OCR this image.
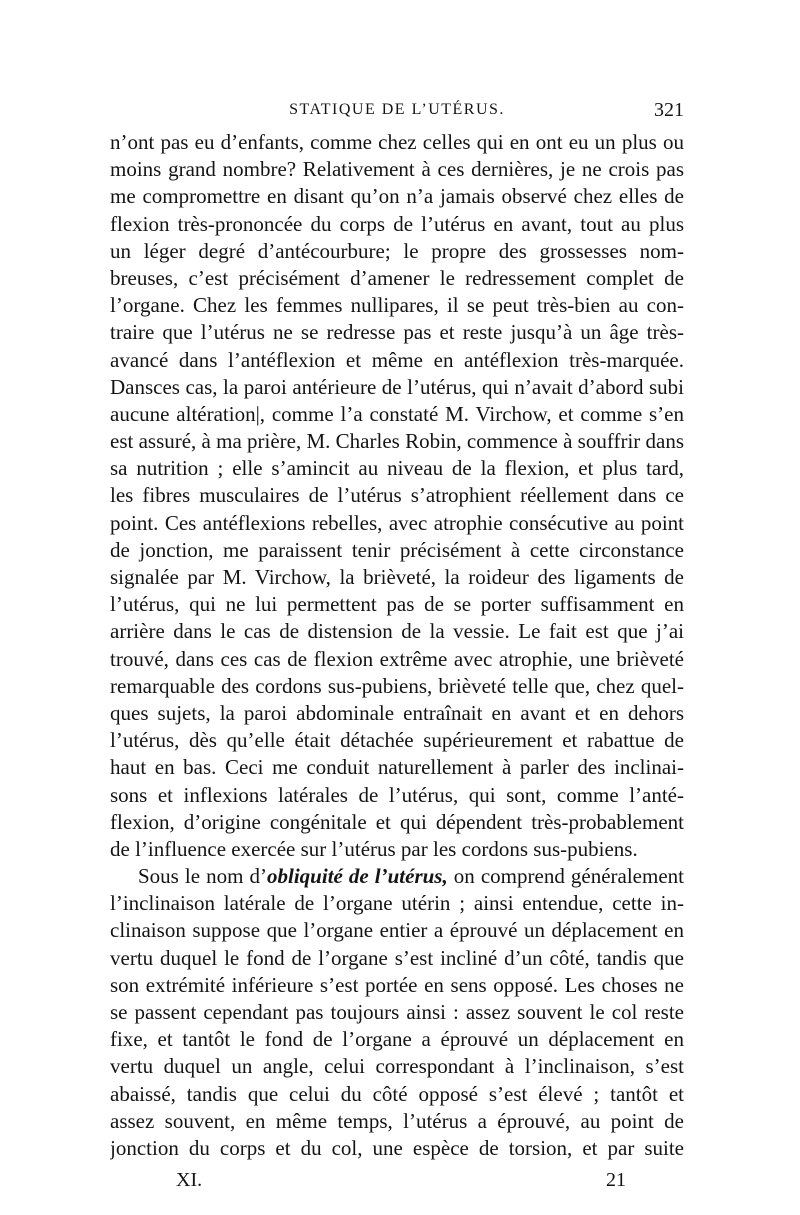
STATIQUE DE L’UTÉRUS.	321
n’ont pas eu d’enfants, comme chez celles qui en ont eu un plus ou
moins grand nombre? Relativement à ces dernières, je ne crois pas
me compromettre en disant qu’on n’a jamais observé chez elles de
flexion très-prononcée du corps de l’utérus en avant, tout au plus
un léger degré d’antécourbure; le propre des grossesses nom-
breuses, c’est précisément d’amener le redressement complet de
l’organe. Chez les femmes nullipares, il se peut très-bien au con-
traire que l’utérus ne se redresse pas et reste jusqu’à un âge très-
avancé dans l’antéflexion et même en antéflexion très-marquée.
Dansces cas, la paroi antérieure de l’utérus, qui n’avait d’abord subi
aucune altération|, comme l’a constaté M. Virchow, et comme s’en
est assuré, à ma prière, M. Charles Robin, commence à souffrir dans
sa nutrition ; elle s’amincit au niveau de la flexion, et plus tard,
les fibres musculaires de l’utérus s’atrophient réellement dans ce
point. Ces antéflexions rebelles, avec atrophie consécutive au point
de jonction, me paraissent tenir précisément à cette circonstance
signalée par M. Virchow, la brièveté, la roideur des ligaments de
l’utérus, qui ne lui permettent pas de se porter suffisamment en
arrière dans le cas de distension de la vessie. Le fait est que j’ai
trouvé, dans ces cas de flexion extrême avec atrophie, une brièveté
remarquable des cordons sus-pubiens, brièveté telle que, chez quel-
ques sujets, la paroi abdominale entraînait en avant et en dehors
l’utérus, dès qu’elle était détachée supérieurement et rabattue de
haut en bas. Ceci me conduit naturellement à parler des inclinai-
sons et inflexions latérales de l’utérus, qui sont, comme l’anté-
flexion, d’origine congénitale et qui dépendent très-probablement
de l’influence exercée sur l’utérus par les cordons sus-pubiens.
Sous le nom d’obliquité de l’utérus, on comprend généralement
l’inclinaison latérale de l’organe utérin ; ainsi entendue, cette in-
clinaison suppose que l’organe entier a éprouvé un déplacement en
vertu duquel le fond de l’organe s’est incliné d’un côté, tandis que
son extrémité inférieure s’est portée en sens opposé. Les choses ne
se passent cependant pas toujours ainsi : assez souvent le col reste
fixe, et tantôt le fond de l’organe a éprouvé un déplacement en
vertu duquel un angle, celui correspondant à l’inclinaison, s’est
abaissé, tandis que celui du côté opposé s’est élevé ; tantôt et
assez souvent, en même temps, l’utérus a éprouvé, au point de
jonction du corps et du col, une espèce de torsion, et par suite
XI.	21
